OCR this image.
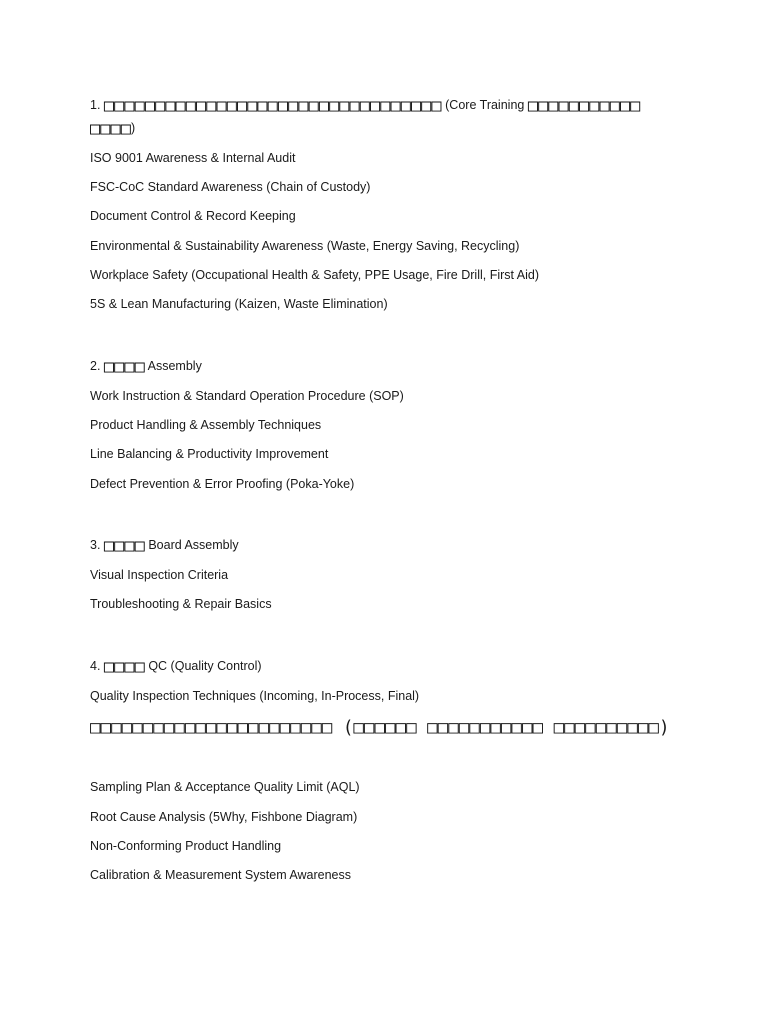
1. □□□□□□□□□□□□□□□□□□□□□□□□□□□□□□□□□ (Core Training □□□□□□□□□□□
□□□□)
ISO 9001 Awareness & Internal Audit
FSC-CoC Standard Awareness (Chain of Custody)
Document Control & Record Keeping
Environmental & Sustainability Awareness (Waste, Energy Saving, Recycling)
Workplace Safety (Occupational Health & Safety, PPE Usage, Fire Drill, First Aid)
5S & Lean Manufacturing (Kaizen, Waste Elimination)
2. □□□□ Assembly
Work Instruction & Standard Operation Procedure (SOP)
Product Handling & Assembly Techniques
Line Balancing & Productivity Improvement
Defect Prevention & Error Proofing (Poka-Yoke)
3. □□□□ Board Assembly
Visual Inspection Criteria
Troubleshooting & Repair Basics
4. □□□□ QC (Quality Control)
Quality Inspection Techniques (Incoming, In-Process, Final)
□□□□□□□□□□□□□□□□□□□□□□□ (□□□□□□ □□□□□□□□□□□ □□□□□□□□□□)
Sampling Plan & Acceptance Quality Limit (AQL)
Root Cause Analysis (5Why, Fishbone Diagram)
Non-Conforming Product Handling
Calibration & Measurement System Awareness
